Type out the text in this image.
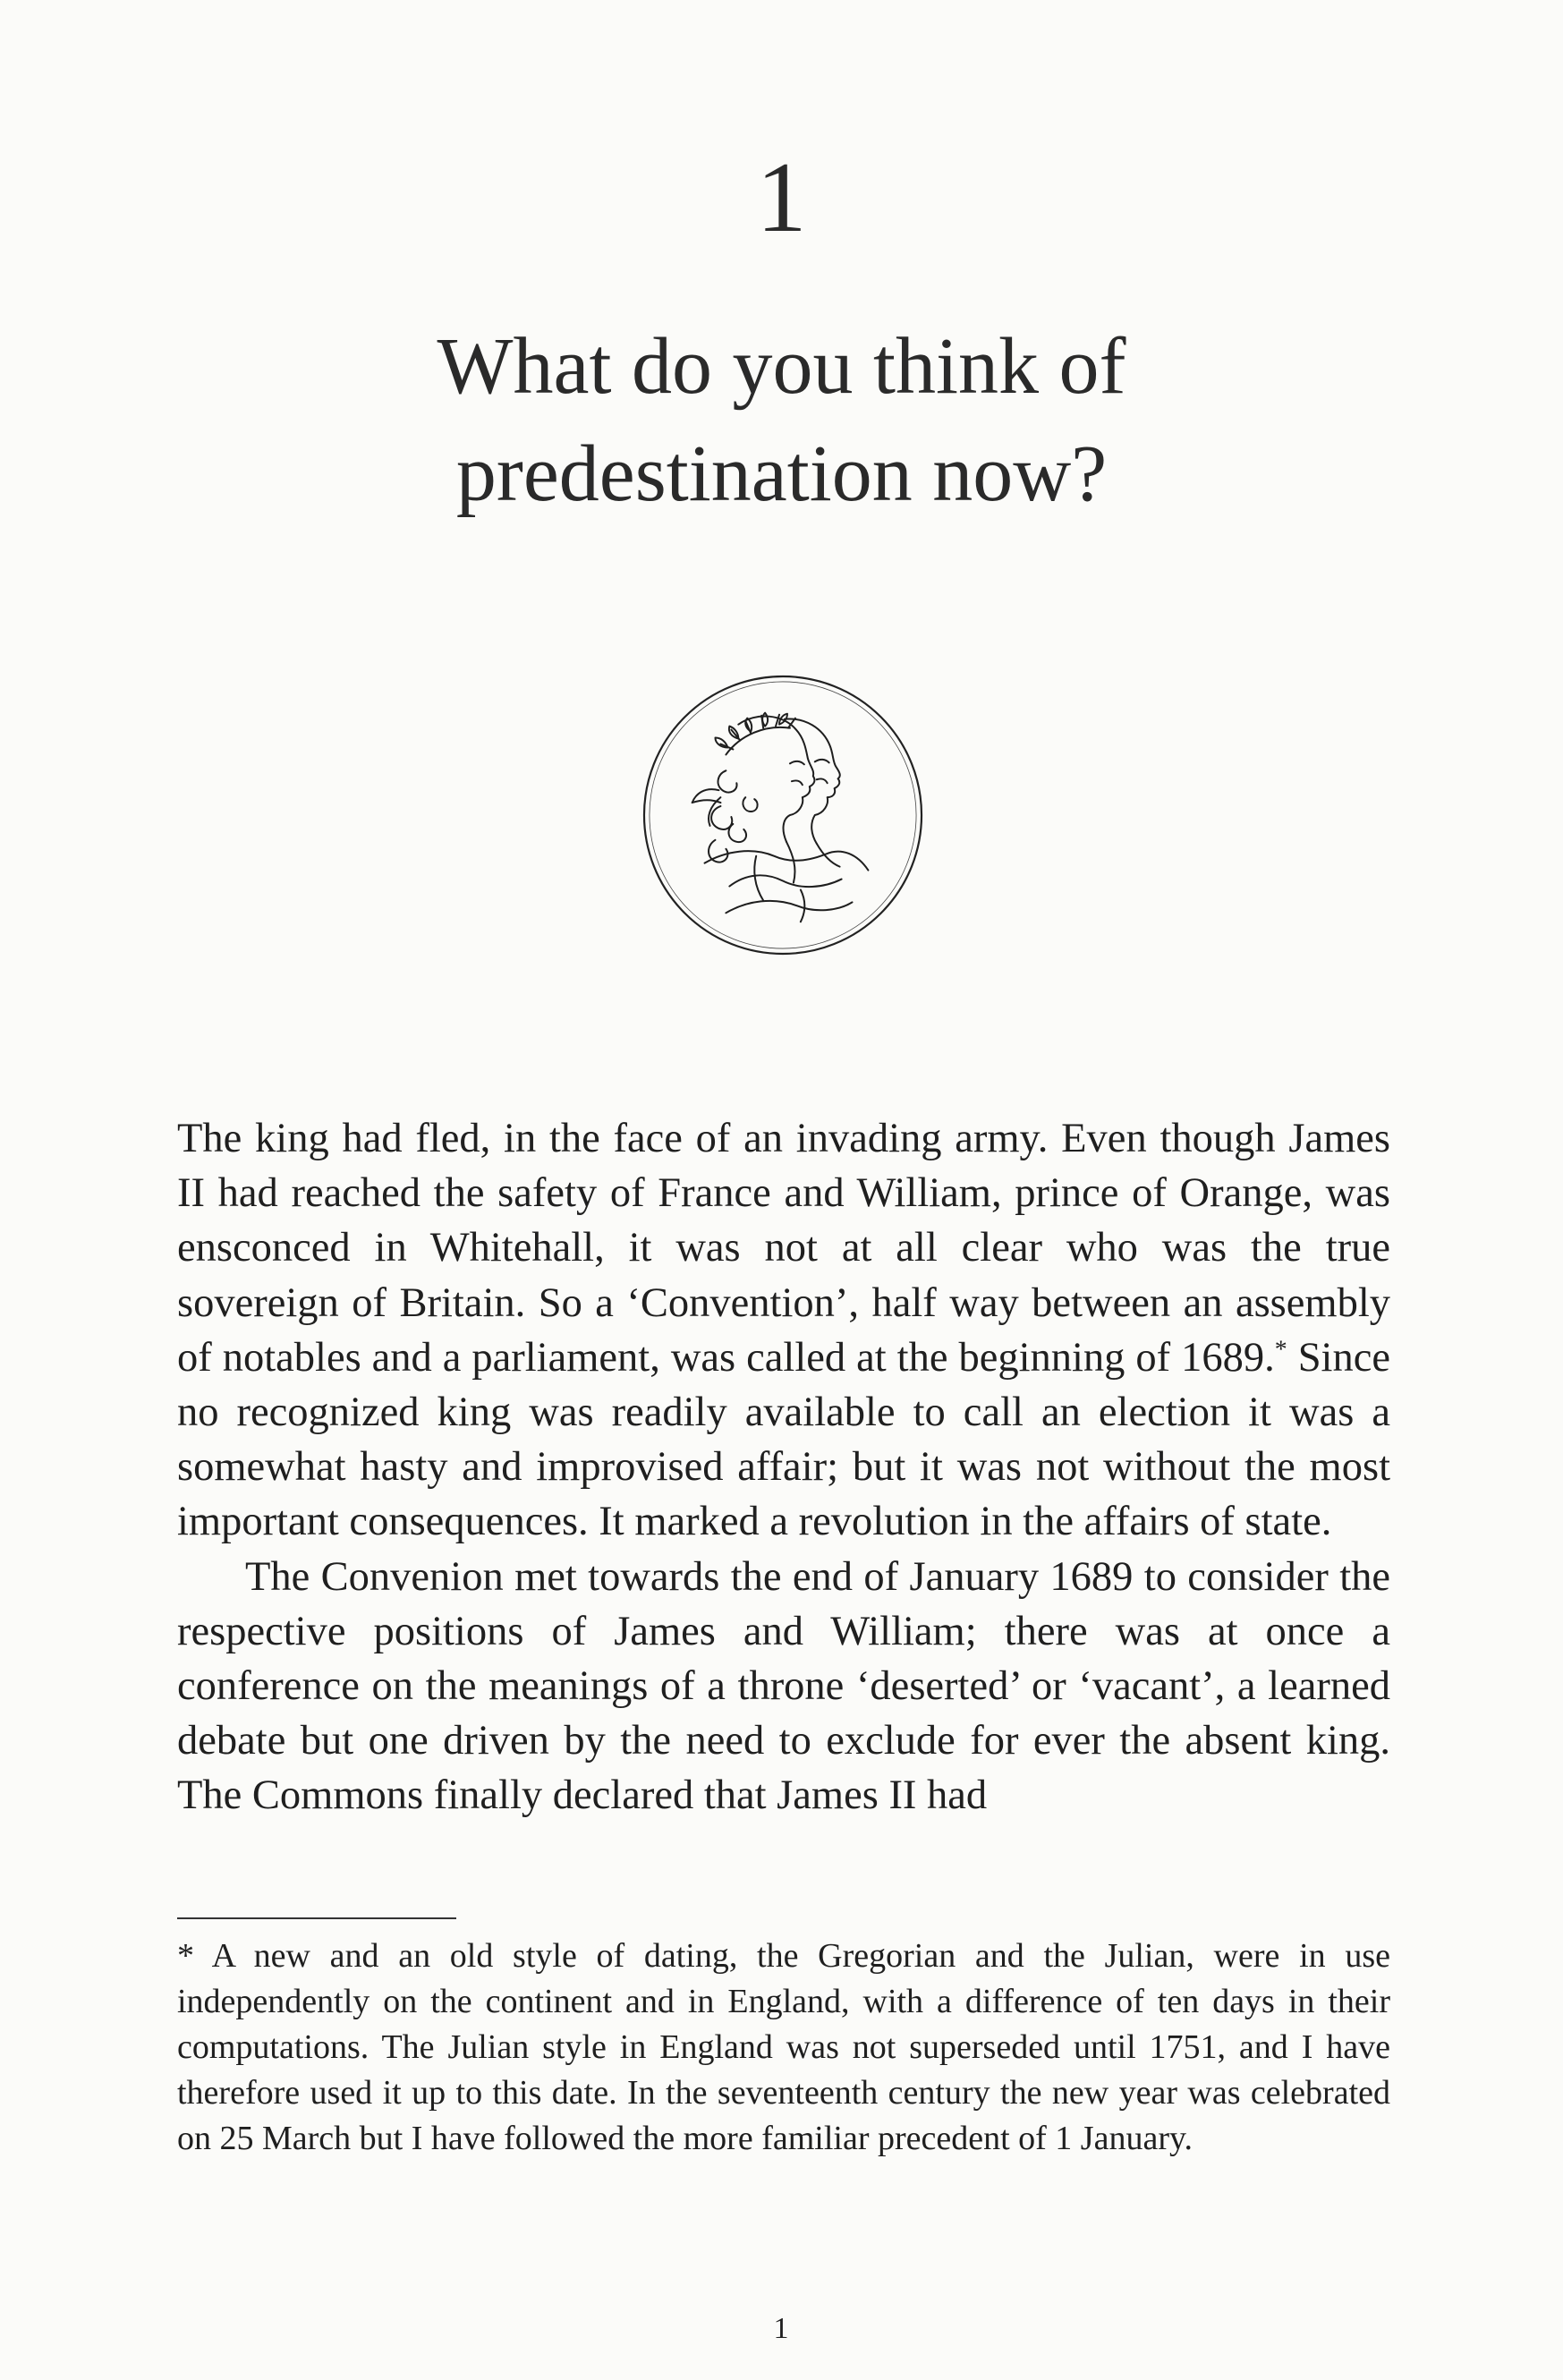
1
What do you think of
predestination now?

The king had fled, in the face of an invading army. Even though James II had reached the safety of France and William, prince of Orange, was ensconced in Whitehall, it was not at all clear who was the true sovereign of Britain. So a ‘Convention’, half way between an assembly of notables and a parliament, was called at the beginning of 1689.* Since no recognized king was readily available to call an election it was a somewhat hasty and improvised affair; but it was not without the most important consequences. It marked a revolution in the affairs of state.

The Convenion met towards the end of January 1689 to consider the respective positions of James and William; there was at once a conference on the meanings of a throne ‘deserted’ or ‘vacant’, a learned debate but one driven by the need to exclude for ever the absent king. The Commons finally declared that James II had

* A new and an old style of dating, the Gregorian and the Julian, were in use independently on the continent and in England, with a difference of ten days in their computations. The Julian style in England was not superseded until 1751, and I have therefore used it up to this date. In the seventeenth century the new year was celebrated on 25 March but I have followed the more familiar precedent of 1 January.

1
